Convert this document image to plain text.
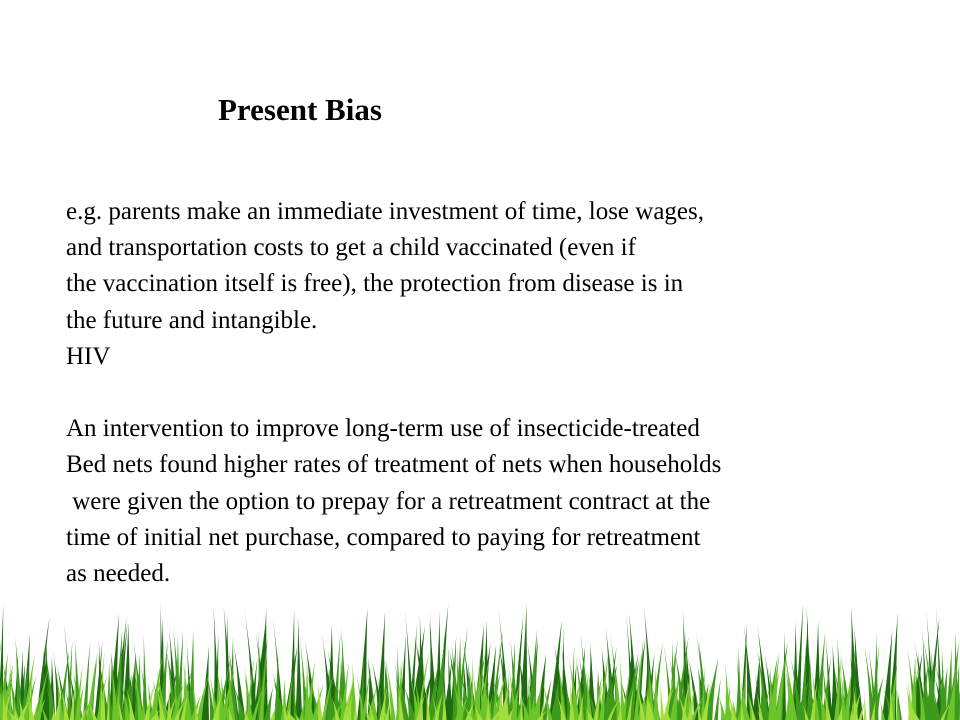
Present Bias
e.g. parents make an immediate investment of time, lose wages,
and transportation costs to get a child vaccinated (even if
the vaccination itself is free), the protection from disease is in
the future and intangible.
HIV
An intervention to improve long-term use of insecticide-treated
Bed nets found higher rates of treatment of nets when households
were given the option to prepay for a retreatment contract at the
time of initial net purchase, compared to paying for retreatment
as needed.
